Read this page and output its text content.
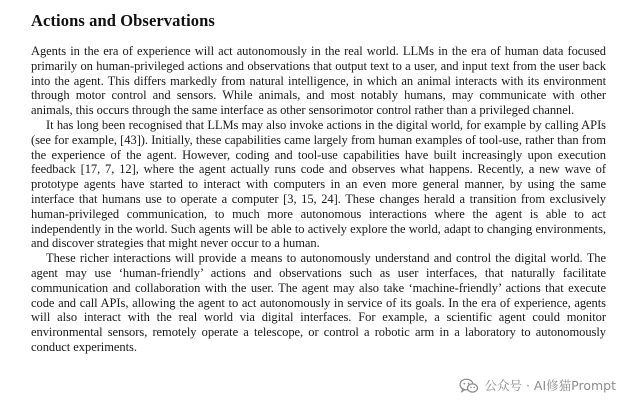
Actions and Observations

Agents in the era of experience will act autonomously in the real world. LLMs in the era of human data focused primarily on human-privileged actions and observations that output text to a user, and input text from the user back into the agent. This differs markedly from natural intelligence, in which an animal interacts with its environment through motor control and sensors. While animals, and most notably humans, may communicate with other animals, this occurs through the same interface as other sensorimotor control rather than a privileged channel.

It has long been recognised that LLMs may also invoke actions in the digital world, for example by calling APIs (see for example, [43]). Initially, these capabilities came largely from human examples of tool-use, rather than from the experience of the agent. However, coding and tool-use capabilities have built increasingly upon execution feedback [17, 7, 12], where the agent actually runs code and observes what happens. Recently, a new wave of prototype agents have started to interact with computers in an even more general manner, by using the same interface that humans use to operate a computer [3, 15, 24]. These changes herald a transition from exclusively human-privileged communication, to much more autonomous interactions where the agent is able to act independently in the world. Such agents will be able to actively explore the world, adapt to changing environments, and discover strategies that might never occur to a human.

These richer interactions will provide a means to autonomously understand and control the digital world. The agent may use ‘human-friendly’ actions and observations such as user interfaces, that naturally facilitate communication and collaboration with the user. The agent may also take ‘machine-friendly’ actions that execute code and call APIs, allowing the agent to act autonomously in service of its goals. In the era of experience, agents will also interact with the real world via digital interfaces. For example, a scientific agent could monitor environmental sensors, remotely operate a telescope, or control a robotic arm in a laboratory to autonomously conduct experiments.

公众号 · AI修猫Prompt
